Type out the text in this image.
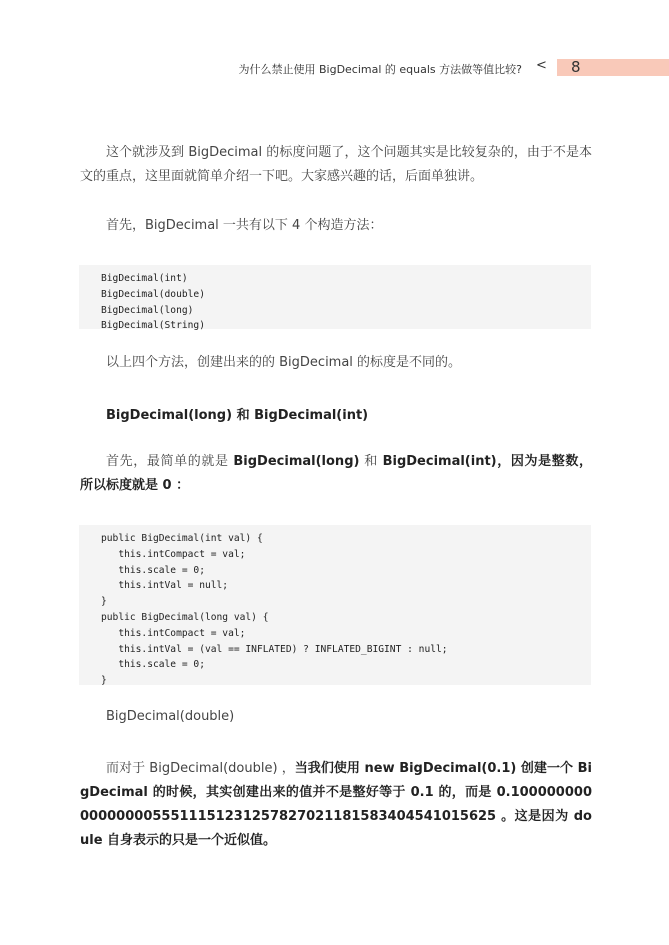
为什么禁止使用 BigDecimal 的 equals 方法做等值比较? < 8
这个就涉及到 BigDecimal 的标度问题了，这个问题其实是比较复杂的，由于不是本文的重点，这里面就简单介绍一下吧。大家感兴趣的话，后面单独讲。
首先，BigDecimal 一共有以下 4 个构造方法：
BigDecimal(int)
BigDecimal(double)
BigDecimal(long)
BigDecimal(String)
以上四个方法，创建出来的的 BigDecimal 的标度是不同的。
BigDecimal(long) 和 BigDecimal(int)
首先，最简单的就是 BigDecimal(long) 和 BigDecimal(int)，因为是整数，所以标度就是 0 ：
public BigDecimal(int val) {
this.intCompact = val;
this.scale = 0;
this.intVal = null;
}
public BigDecimal(long val) {
this.intCompact = val;
this.intVal = (val == INFLATED) ? INFLATED_BIGINT : null;
this.scale = 0;
}
BigDecimal(double)
而对于 BigDecimal(double) ，当我们使用 new BigDecimal(0.1) 创建一个 BigDecimal 的时候，其实创建出来的值并不是整好等于 0.1 的，而是 0.1000000000000000055511151231257827021181583404541015625 。这是因为 doule 自身表示的只是一个近似值。
